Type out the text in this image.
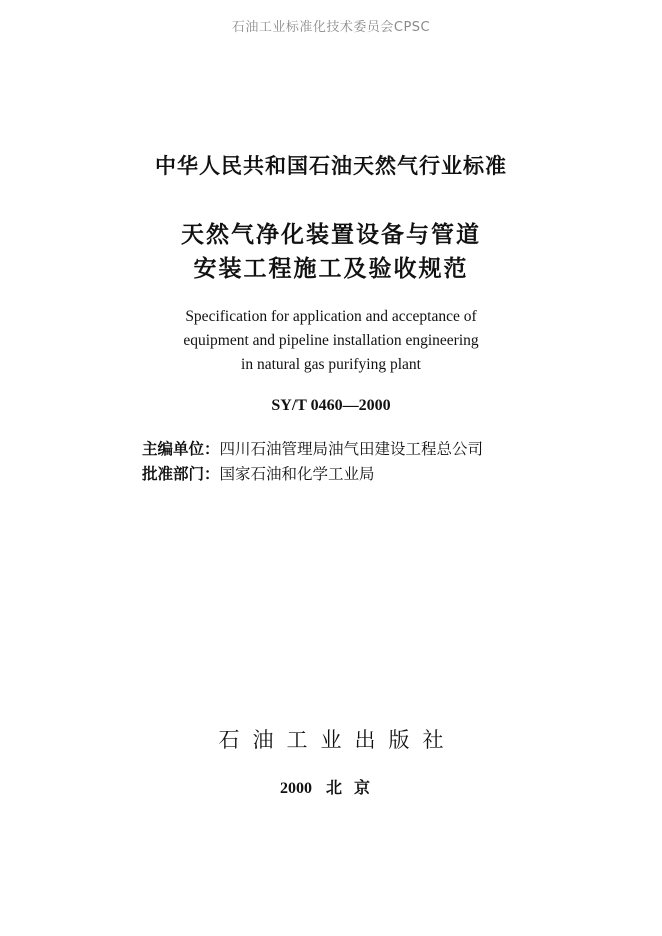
石油工业标准化技术委员会CPSC
中华人民共和国石油天然气行业标准
天然气净化装置设备与管道
安装工程施工及验收规范
Specification for application and acceptance of
equipment and pipeline installation engineering
in natural gas purifying plant
SY/T 0460—2000
主编单位：四川石油管理局油气田建设工程总公司
批准部门：国家石油和化学工业局
石油工业出版社
2000 北京
